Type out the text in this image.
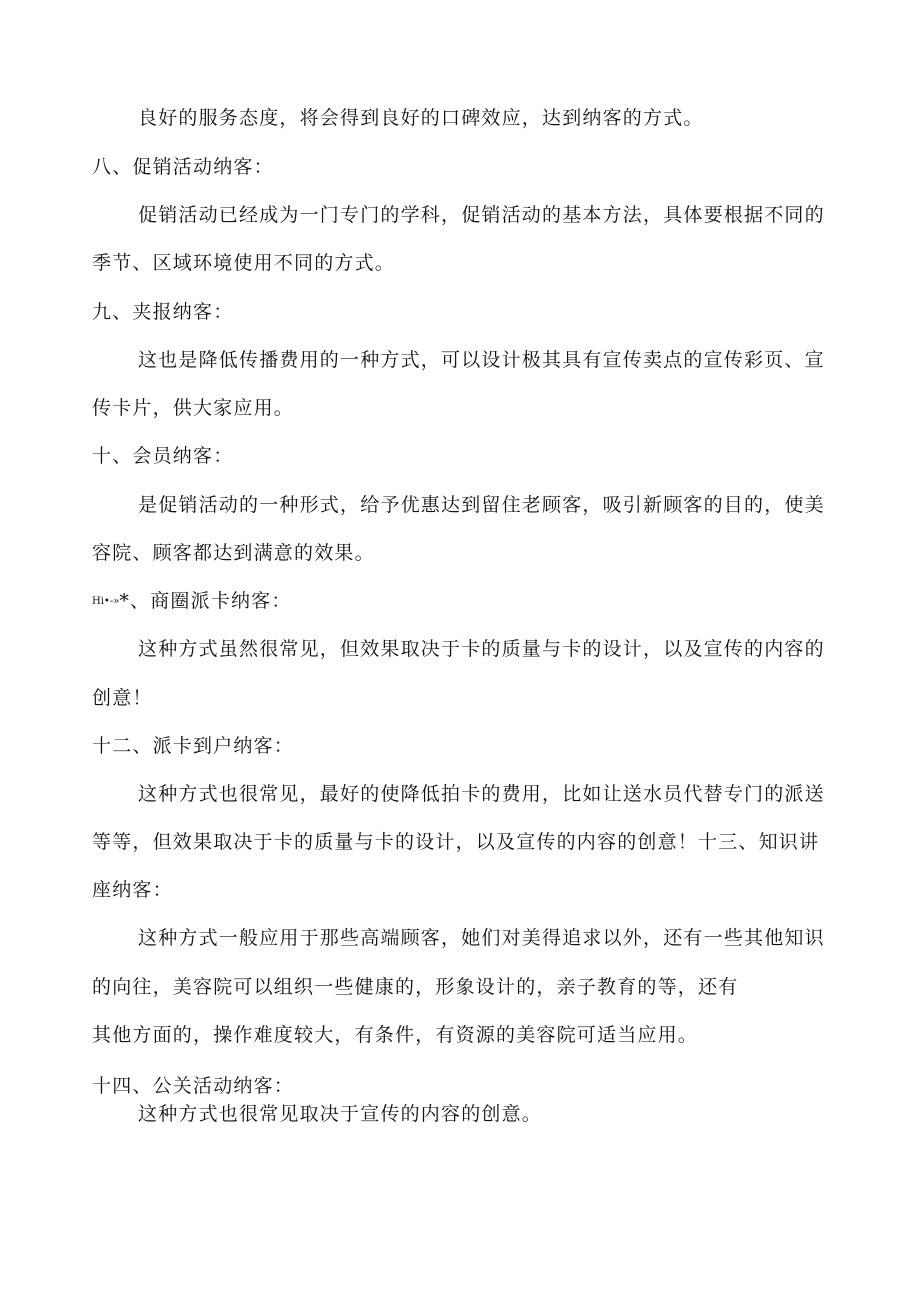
良好的服务态度，将会得到良好的口碑效应，达到纳客的方式。
八、促销活动纳客：
促销活动已经成为一门专门的学科，促销活动的基本方法，具体要根据不同的
季节、区域环境使用不同的方式。
九、夹报纳客：
这也是降低传播费用的一种方式，可以设计极其具有宣传卖点的宣传彩页、宣
传卡片，供大家应用。
十、会员纳客：
是促销活动的一种形式，给予优惠达到留住老顾客，吸引新顾客的目的，使美
容院、顾客都达到满意的效果。
Hi•-»*、商圈派卡纳客：
这种方式虽然很常见，但效果取决于卡的质量与卡的设计，以及宣传的内容的
创意！
十二、派卡到户纳客：
这种方式也很常见，最好的使降低拍卡的费用，比如让送水员代替专门的派送
等等，但效果取决于卡的质量与卡的设计，以及宣传的内容的创意！十三、知识讲
座纳客：
这种方式一般应用于那些高端顾客，她们对美得追求以外，还有一些其他知识
的向往，美容院可以组织一些健康的，形象设计的，亲子教育的等，还有
其他方面的，操作难度较大，有条件，有资源的美容院可适当应用。
十四、公关活动纳客：
这种方式也很常见取决于宣传的内容的创意。
